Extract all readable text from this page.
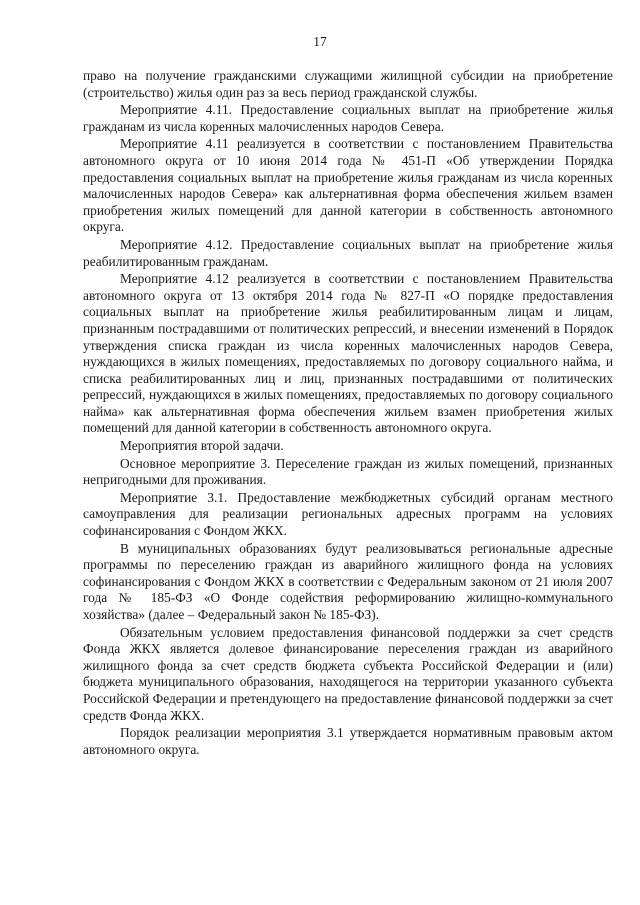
17

право на получение гражданскими служащими жилищной субсидии на приобретение (строительство) жилья один раз за весь период гражданской службы.

Мероприятие 4.11. Предоставление социальных выплат на приобретение жилья гражданам из числа коренных малочисленных народов Севера.

Мероприятие 4.11 реализуется в соответствии с постановлением Правительства автономного округа от 10 июня 2014 года № 451-П «Об утверждении Порядка предоставления социальных выплат на приобретение жилья гражданам из числа коренных малочисленных народов Севера» как альтернативная форма обеспечения жильем взамен приобретения жилых помещений для данной категории в собственность автономного округа.

Мероприятие 4.12. Предоставление социальных выплат на приобретение жилья реабилитированным гражданам.

Мероприятие 4.12 реализуется в соответствии с постановлением Правительства автономного округа от 13 октября 2014 года № 827-П «О порядке предоставления социальных выплат на приобретение жилья реабилитированным лицам и лицам, признанным пострадавшими от политических репрессий, и внесении изменений в Порядок утверждения списка граждан из числа коренных малочисленных народов Севера, нуждающихся в жилых помещениях, предоставляемых по договору социального найма, и списка реабилитированных лиц и лиц, признанных пострадавшими от политических репрессий, нуждающихся в жилых помещениях, предоставляемых по договору социального найма» как альтернативная форма обеспечения жильем взамен приобретения жилых помещений для данной категории в собственность автономного округа.

Мероприятия второй задачи.

Основное мероприятие 3. Переселение граждан из жилых помещений, признанных непригодными для проживания.

Мероприятие 3.1. Предоставление межбюджетных субсидий органам местного самоуправления для реализации региональных адресных программ на условиях софинансирования с Фондом ЖКХ.

В муниципальных образованиях будут реализовываться региональные адресные программы по переселению граждан из аварийного жилищного фонда на условиях софинансирования с Фондом ЖКХ в соответствии с Федеральным законом от 21 июля 2007 года № 185-ФЗ «О Фонде содействия реформированию жилищно-коммунального хозяйства» (далее – Федеральный закон № 185-ФЗ).

Обязательным условием предоставления финансовой поддержки за счет средств Фонда ЖКХ является долевое финансирование переселения граждан из аварийного жилищного фонда за счет средств бюджета субъекта Российской Федерации и (или) бюджета муниципального образования, находящегося на территории указанного субъекта Российской Федерации и претендующего на предоставление финансовой поддержки за счет средств Фонда ЖКХ.

Порядок реализации мероприятия 3.1 утверждается нормативным правовым актом автономного округа.
